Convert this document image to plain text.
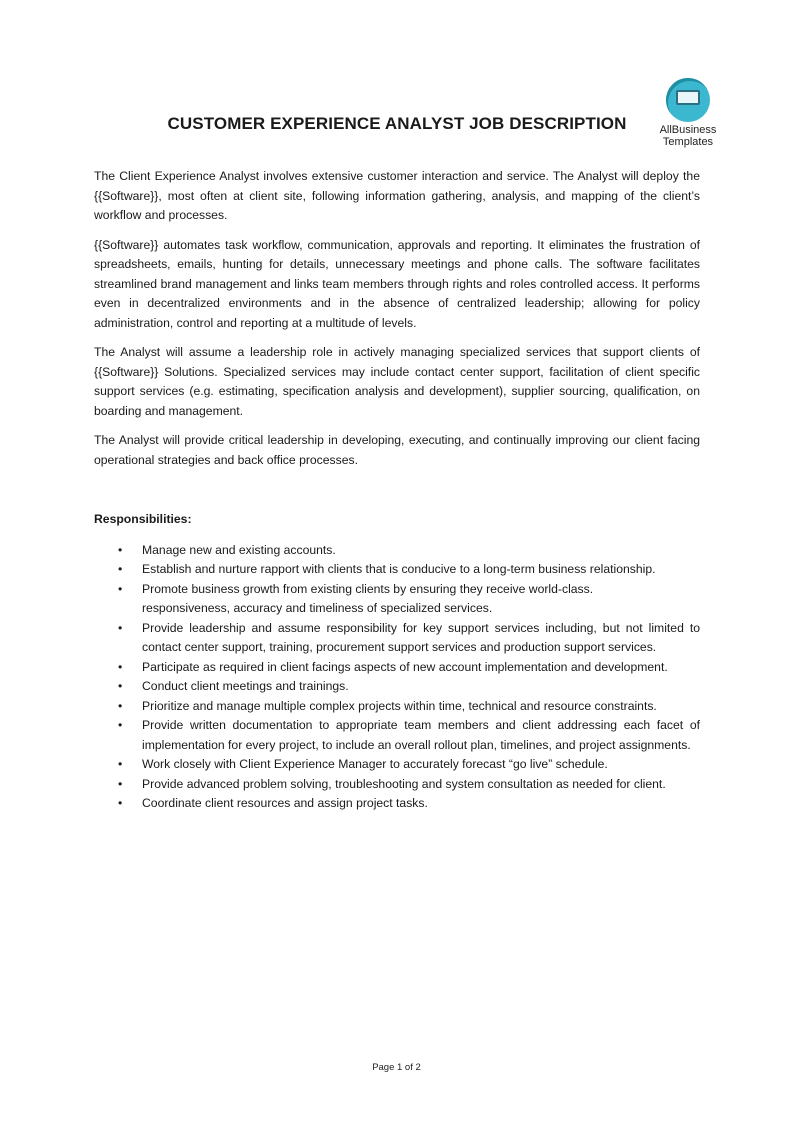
AllBusiness
Templates
CUSTOMER EXPERIENCE ANALYST JOB DESCRIPTION

The Client Experience Analyst involves extensive customer interaction and service. The Analyst will deploy the {{Software}}, most often at client site, following information gathering, analysis, and mapping of the client’s workflow and processes.

{{Software}} automates task workflow, communication, approvals and reporting. It eliminates the frustration of spreadsheets, emails, hunting for details, unnecessary meetings and phone calls. The software facilitates streamlined brand management and links team members through rights and roles controlled access. It performs even in decentralized environments and in the absence of centralized leadership; allowing for policy administration, control and reporting at a multitude of levels.

The Analyst will assume a leadership role in actively managing specialized services that support clients of {{Software}} Solutions. Specialized services may include contact center support, facilitation of client specific support services (e.g. estimating, specification analysis and development), supplier sourcing, qualification, on boarding and management.

The Analyst will provide critical leadership in developing, executing, and continually improving our client facing operational strategies and back office processes.

Responsibilities:

• Manage new and existing accounts.
• Establish and nurture rapport with clients that is conducive to a long-term business relationship.
• Promote business growth from existing clients by ensuring they receive world-class.
responsiveness, accuracy and timeliness of specialized services.
• Provide leadership and assume responsibility for key support services including, but not limited to contact center support, training, procurement support services and production support services.
• Participate as required in client facings aspects of new account implementation and development.
• Conduct client meetings and trainings.
• Prioritize and manage multiple complex projects within time, technical and resource constraints.
• Provide written documentation to appropriate team members and client addressing each facet of implementation for every project, to include an overall rollout plan, timelines, and project assignments.
• Work closely with Client Experience Manager to accurately forecast “go live” schedule.
• Provide advanced problem solving, troubleshooting and system consultation as needed for client.
• Coordinate client resources and assign project tasks.
Page 1 of 2
